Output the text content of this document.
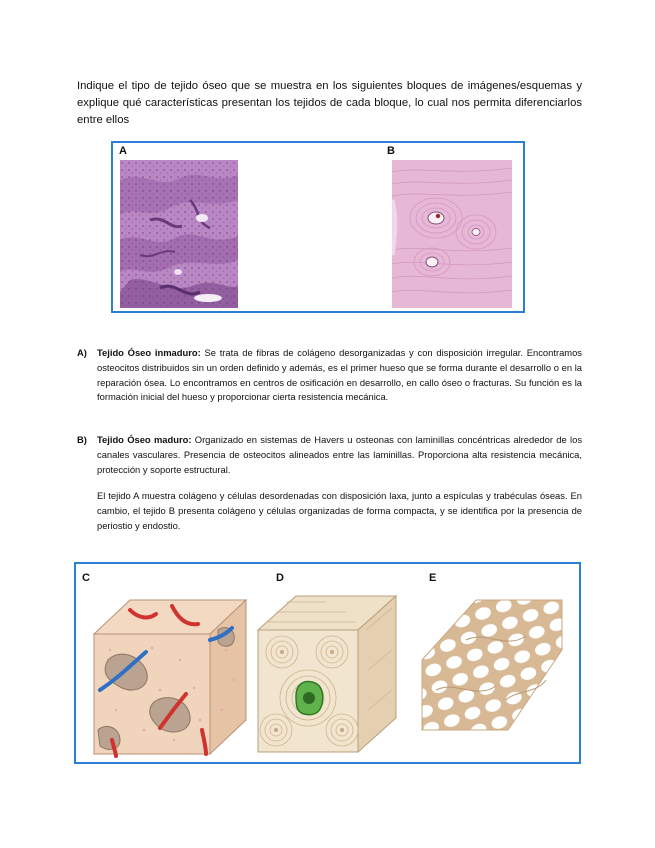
Indique el tipo de tejido óseo que se muestra en los siguientes bloques de imágenes/esquemas y explique qué características presentan los tejidos de cada bloque, lo cual nos permita diferenciarlos entre ellos
A	B
A) Tejido Óseo inmaduro: Se trata de fibras de colágeno desorganizadas y con disposición irregular. Encontramos osteocitos distribuidos sin un orden definido y además, es el primer hueso que se forma durante el desarrollo o en la reparación ósea. Lo encontramos en centros de osificación en desarrollo, en callo óseo o fracturas. Su función es la formación inicial del hueso y proporcionar cierta resistencia mecánica.
B) Tejido Óseo maduro: Organizado en sistemas de Havers u osteonas con laminillas concéntricas alrededor de los canales vasculares. Presencia de osteocitos alineados entre las laminillas. Proporciona alta resistencia mecánica, protección y soporte estructural.
El tejido A muestra colágeno y células desordenadas con disposición laxa, junto a espículas y trabéculas óseas. En cambio, el tejido B presenta colágeno y células organizadas de forma compacta, y se identifica por la presencia de periostio y endostio.
C	D	E
